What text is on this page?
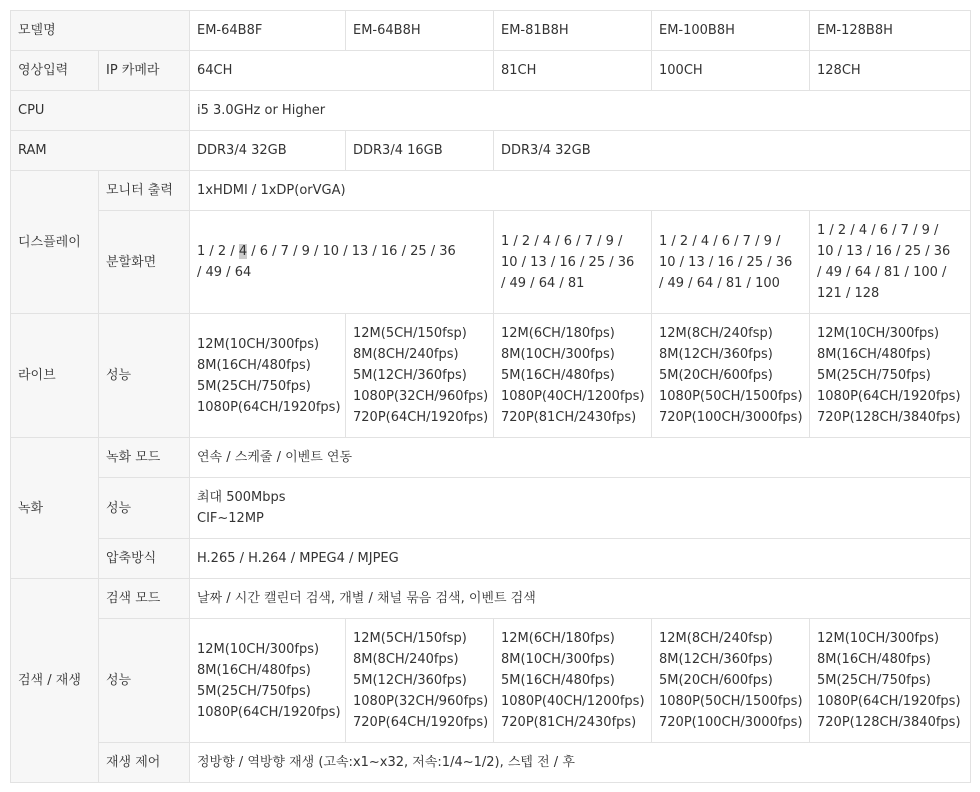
모델명		EM-64B8F	EM-64B8H	EM-81B8H	EM-100B8H	EM-128B8H
영상입력	IP 카메라	64CH		81CH	100CH	128CH
CPU		i5 3.0GHz or Higher				
RAM		DDR3/4 32GB	DDR3/4 16GB	DDR3/4 32GB		
디스플레이	모니터 출력	1xHDMI / 1xDP(orVGA)				
	분할화면	1 / 2 / 4 / 6 / 7 / 9 / 10 / 13 / 16 / 25 / 36
/ 49 / 64		1 / 2 / 4 / 6 / 7 / 9 /
10 / 13 / 16 / 25 / 36
/ 49 / 64 / 81	1 / 2 / 4 / 6 / 7 / 9 /
10 / 13 / 16 / 25 / 36
/ 49 / 64 / 81 / 100	1 / 2 / 4 / 6 / 7 / 9 /
10 / 13 / 16 / 25 / 36
/ 49 / 64 / 81 / 100 /
121 / 128

라이브	성능	12M(10CH/300fps)
8M(16CH/480fps)
5M(25CH/750fps)
1080P(64CH/1920fps)	12M(5CH/150fsp)
8M(8CH/240fps)
5M(12CH/360fps)
1080P(32CH/960fps)
720P(64CH/1920fps)	12M(6CH/180fps)
8M(10CH/300fps)
5M(16CH/480fps)
1080P(40CH/1200fps)
720P(81CH/2430fps)	12M(8CH/240fsp)
8M(12CH/360fps)
5M(20CH/600fps)
1080P(50CH/1500fps)
720P(100CH/3000fps)	12M(10CH/300fps)
8M(16CH/480fps)
5M(25CH/750fps)
1080P(64CH/1920fps)
720P(128CH/3840fps)

녹화	녹화 모드	연속 / 스케줄 / 이벤트 연동				
	성능	최대 500Mbps
CIF~12MP				

	압축방식	H.265 / H.264 / MPEG4 / MJPEG				
검색 / 재생	검색 모드	날짜 / 시간 캘린더 검색, 개별 / 채널 묶음 검색, 이벤트 검색				
	성능	12M(10CH/300fps)
8M(16CH/480fps)
5M(25CH/750fps)
1080P(64CH/1920fps)	12M(5CH/150fsp)
8M(8CH/240fps)
5M(12CH/360fps)
1080P(32CH/960fps)
720P(64CH/1920fps)	12M(6CH/180fps)
8M(10CH/300fps)
5M(16CH/480fps)
1080P(40CH/1200fps)
720P(81CH/2430fps)	12M(8CH/240fsp)
8M(12CH/360fps)
5M(20CH/600fps)
1080P(50CH/1500fps)
720P(100CH/3000fps)	12M(10CH/300fps)
8M(16CH/480fps)
5M(25CH/750fps)
1080P(64CH/1920fps)
720P(128CH/3840fps)

	재생 제어	정방향 / 역방향 재생 (고속:x1~x32, 저속:1/4~1/2), 스텝 전 / 후				
